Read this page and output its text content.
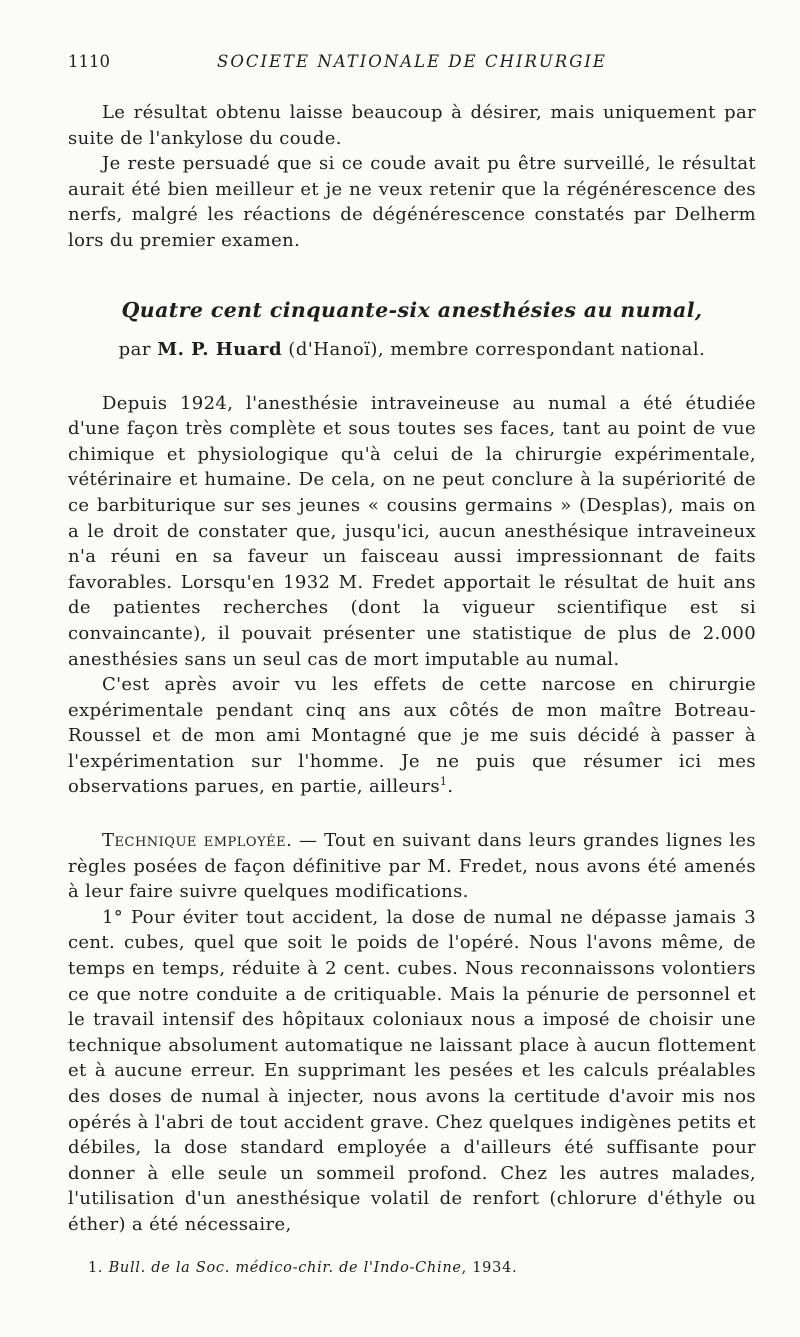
1110	SOCIETE NATIONALE DE CHIRURGIE

Le résultat obtenu laisse beaucoup à désirer, mais uniquement par suite de l'ankylose du coude.

Je reste persuadé que si ce coude avait pu être surveillé, le résultat aurait été bien meilleur et je ne veux retenir que la régénérescence des nerfs, malgré les réactions de dégénérescence constatés par Delherm lors du premier examen.

Quatre cent cinquante-six anesthésies au numal,
par M. P. Huard (d'Hanoï), membre correspondant national.

Depuis 1924, l'anesthésie intraveineuse au numal a été étudiée d'une façon très complète et sous toutes ses faces, tant au point de vue chimique et physiologique qu'à celui de la chirurgie expérimentale, vétérinaire et humaine. De cela, on ne peut conclure à la supériorité de ce barbiturique sur ses jeunes « cousins germains » (Desplas), mais on a le droit de constater que, jusqu'ici, aucun anesthésique intraveineux n'a réuni en sa faveur un faisceau aussi impressionnant de faits favorables. Lorsqu'en 1932 M. Fredet apportait le résultat de huit ans de patientes recherches (dont la vigueur scientifique est si convaincante), il pouvait présenter une statistique de plus de 2.000 anesthésies sans un seul cas de mort imputable au numal.

C'est après avoir vu les effets de cette narcose en chirurgie expérimentale pendant cinq ans aux côtés de mon maître Botreau-Roussel et de mon ami Montagné que je me suis décidé à passer à l'expérimentation sur l'homme. Je ne puis que résumer ici mes observations parues, en partie, ailleurs$^1$.

Technique employée. — Tout en suivant dans leurs grandes lignes les règles posées de façon définitive par M. Fredet, nous avons été amenés à leur faire suivre quelques modifications.

1° Pour éviter tout accident, la dose de numal ne dépasse jamais 3 cent. cubes, quel que soit le poids de l'opéré. Nous l'avons même, de temps en temps, réduite à 2 cent. cubes. Nous reconnaissons volontiers ce que notre conduite a de critiquable. Mais la pénurie de personnel et le travail intensif des hôpitaux coloniaux nous a imposé de choisir une technique absolument automatique ne laissant place à aucun flottement et à aucune erreur. En supprimant les pesées et les calculs préalables des doses de numal à injecter, nous avons la certitude d'avoir mis nos opérés à l'abri de tout accident grave. Chez quelques indigènes petits et débiles, la dose standard employée a d'ailleurs été suffisante pour donner à elle seule un sommeil profond. Chez les autres malades, l'utilisation d'un anesthésique volatil de renfort (chlorure d'éthyle ou éther) a été nécessaire,

1. Bull. de la Soc. médico-chir. de l'Indo-Chine, 1934.
